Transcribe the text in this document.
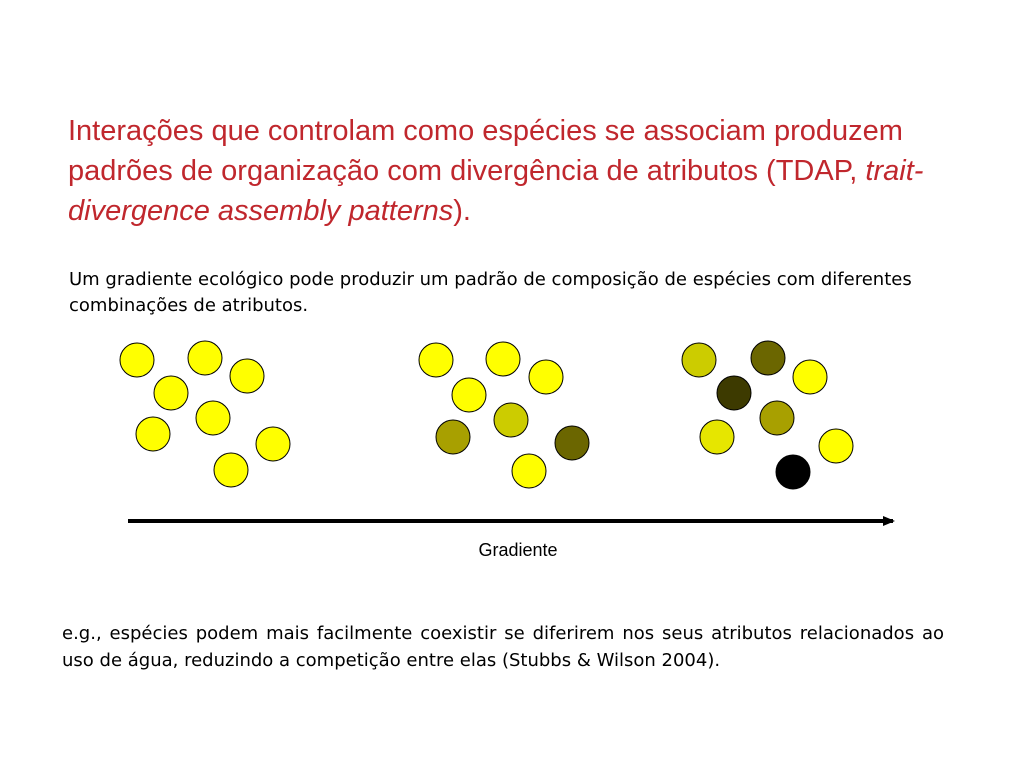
Interações que controlam como espécies se associam produzem padrões de organização com divergência de atributos (TDAP, trait-divergence assembly patterns).

Um gradiente ecológico pode produzir um padrão de composição de espécies com diferentes combinações de atributos.

Gradiente

e.g., espécies podem mais facilmente coexistir se diferirem nos seus atributos relacionados ao uso de água, reduzindo a competição entre elas (Stubbs & Wilson 2004).
